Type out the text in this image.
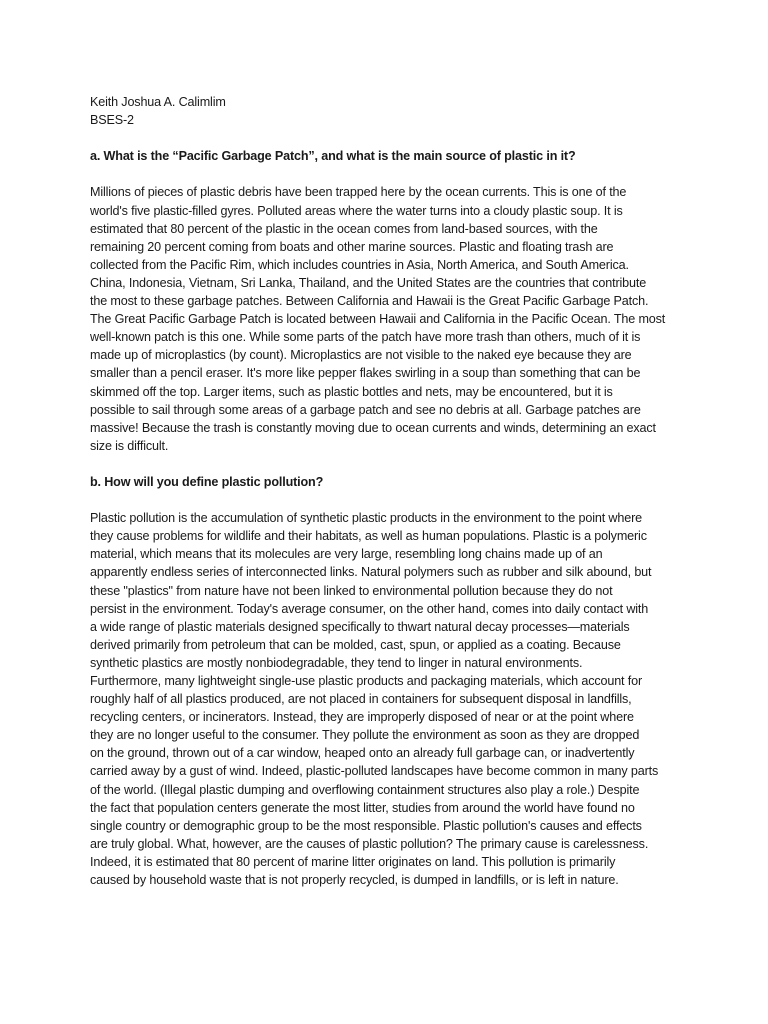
Keith Joshua A. Calimlim
BSES-2
a. What is the “Pacific Garbage Patch”, and what is the main source of plastic in it?
Millions of pieces of plastic debris have been trapped here by the ocean currents. This is one of the
world's five plastic-filled gyres. Polluted areas where the water turns into a cloudy plastic soup. It is
estimated that 80 percent of the plastic in the ocean comes from land-based sources, with the
remaining 20 percent coming from boats and other marine sources. Plastic and floating trash are
collected from the Pacific Rim, which includes countries in Asia, North America, and South America.
China, Indonesia, Vietnam, Sri Lanka, Thailand, and the United States are the countries that contribute
the most to these garbage patches. Between California and Hawaii is the Great Pacific Garbage Patch.
The Great Pacific Garbage Patch is located between Hawaii and California in the Pacific Ocean. The most
well-known patch is this one. While some parts of the patch have more trash than others, much of it is
made up of microplastics (by count). Microplastics are not visible to the naked eye because they are
smaller than a pencil eraser. It's more like pepper flakes swirling in a soup than something that can be
skimmed off the top. Larger items, such as plastic bottles and nets, may be encountered, but it is
possible to sail through some areas of a garbage patch and see no debris at all. Garbage patches are
massive! Because the trash is constantly moving due to ocean currents and winds, determining an exact
size is difficult.
b. How will you define plastic pollution?
Plastic pollution is the accumulation of synthetic plastic products in the environment to the point where
they cause problems for wildlife and their habitats, as well as human populations. Plastic is a polymeric
material, which means that its molecules are very large, resembling long chains made up of an
apparently endless series of interconnected links. Natural polymers such as rubber and silk abound, but
these "plastics" from nature have not been linked to environmental pollution because they do not
persist in the environment. Today's average consumer, on the other hand, comes into daily contact with
a wide range of plastic materials designed specifically to thwart natural decay processes—materials
derived primarily from petroleum that can be molded, cast, spun, or applied as a coating. Because
synthetic plastics are mostly nonbiodegradable, they tend to linger in natural environments.
Furthermore, many lightweight single-use plastic products and packaging materials, which account for
roughly half of all plastics produced, are not placed in containers for subsequent disposal in landfills,
recycling centers, or incinerators. Instead, they are improperly disposed of near or at the point where
they are no longer useful to the consumer. They pollute the environment as soon as they are dropped
on the ground, thrown out of a car window, heaped onto an already full garbage can, or inadvertently
carried away by a gust of wind. Indeed, plastic-polluted landscapes have become common in many parts
of the world. (Illegal plastic dumping and overflowing containment structures also play a role.) Despite
the fact that population centers generate the most litter, studies from around the world have found no
single country or demographic group to be the most responsible. Plastic pollution's causes and effects
are truly global. What, however, are the causes of plastic pollution? The primary cause is carelessness.
Indeed, it is estimated that 80 percent of marine litter originates on land. This pollution is primarily
caused by household waste that is not properly recycled, is dumped in landfills, or is left in nature.
